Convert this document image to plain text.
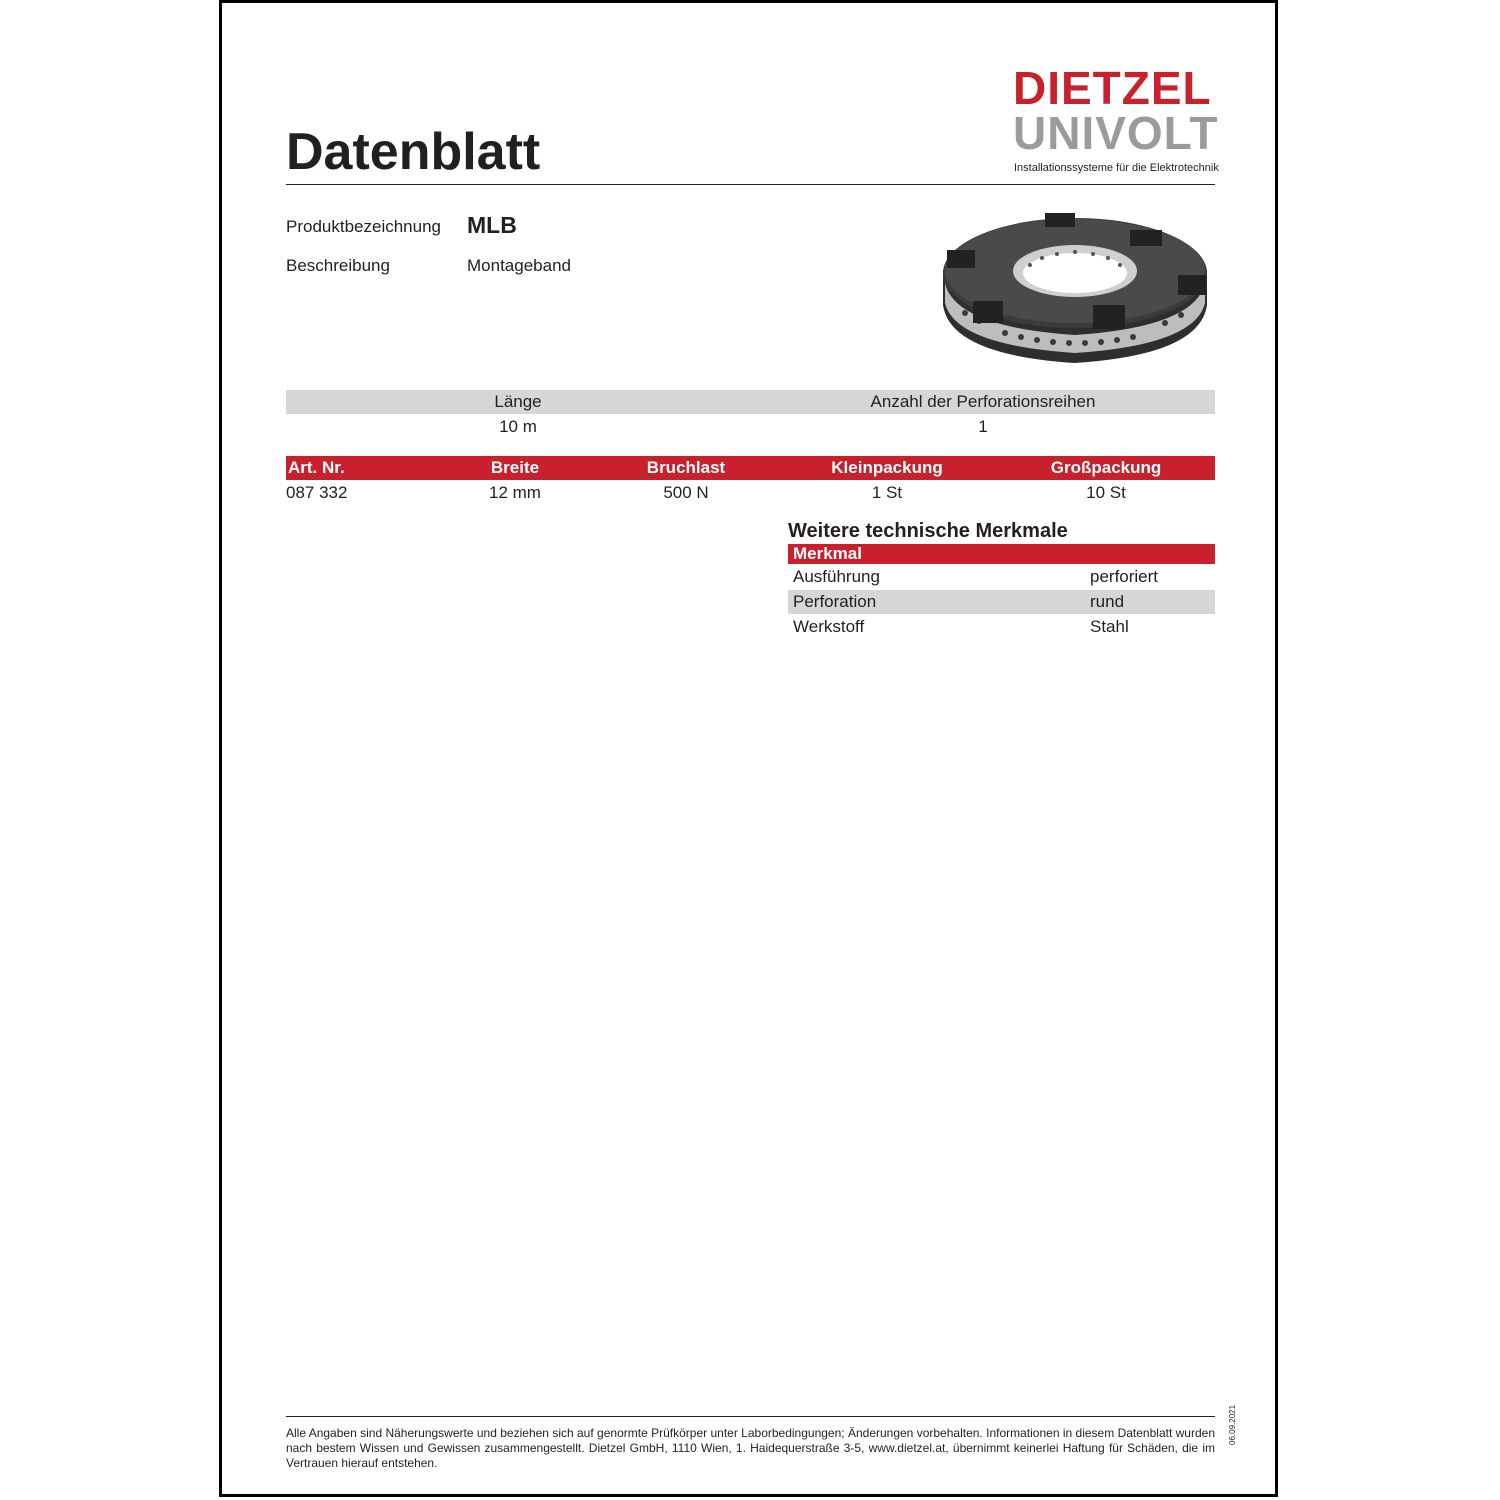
Datenblatt
DIETZEL
UNIVOLT
Installationssysteme für die Elektrotechnik
Produktbezeichnung MLB
Beschreibung	Montageband
Länge	Anzahl der Perforationsreihen
10 m	1
Art. Nr.	Breite	Bruchlast	Kleinpackung	Großpackung
087 332	12 mm	500 N	1 St	10 St
Weitere technische Merkmale
Merkmal
Ausführung	perforiert
Perforation	rund
Werkstoff	Stahl
Alle Angaben sind Näherungswerte und beziehen sich auf genormte Prüfkörper unter Laborbedingungen; Änderungen vorbehalten. Informationen in diesem Datenblatt wurden nach bestem Wissen und Gewissen zusammengestellt. Dietzel GmbH, 1110 Wien, 1. Haidequerstraße 3-5, www.dietzel.at, übernimmt keinerlei Haftung für Schäden, die im Vertrauen hierauf entstehen.
06.09.2021
